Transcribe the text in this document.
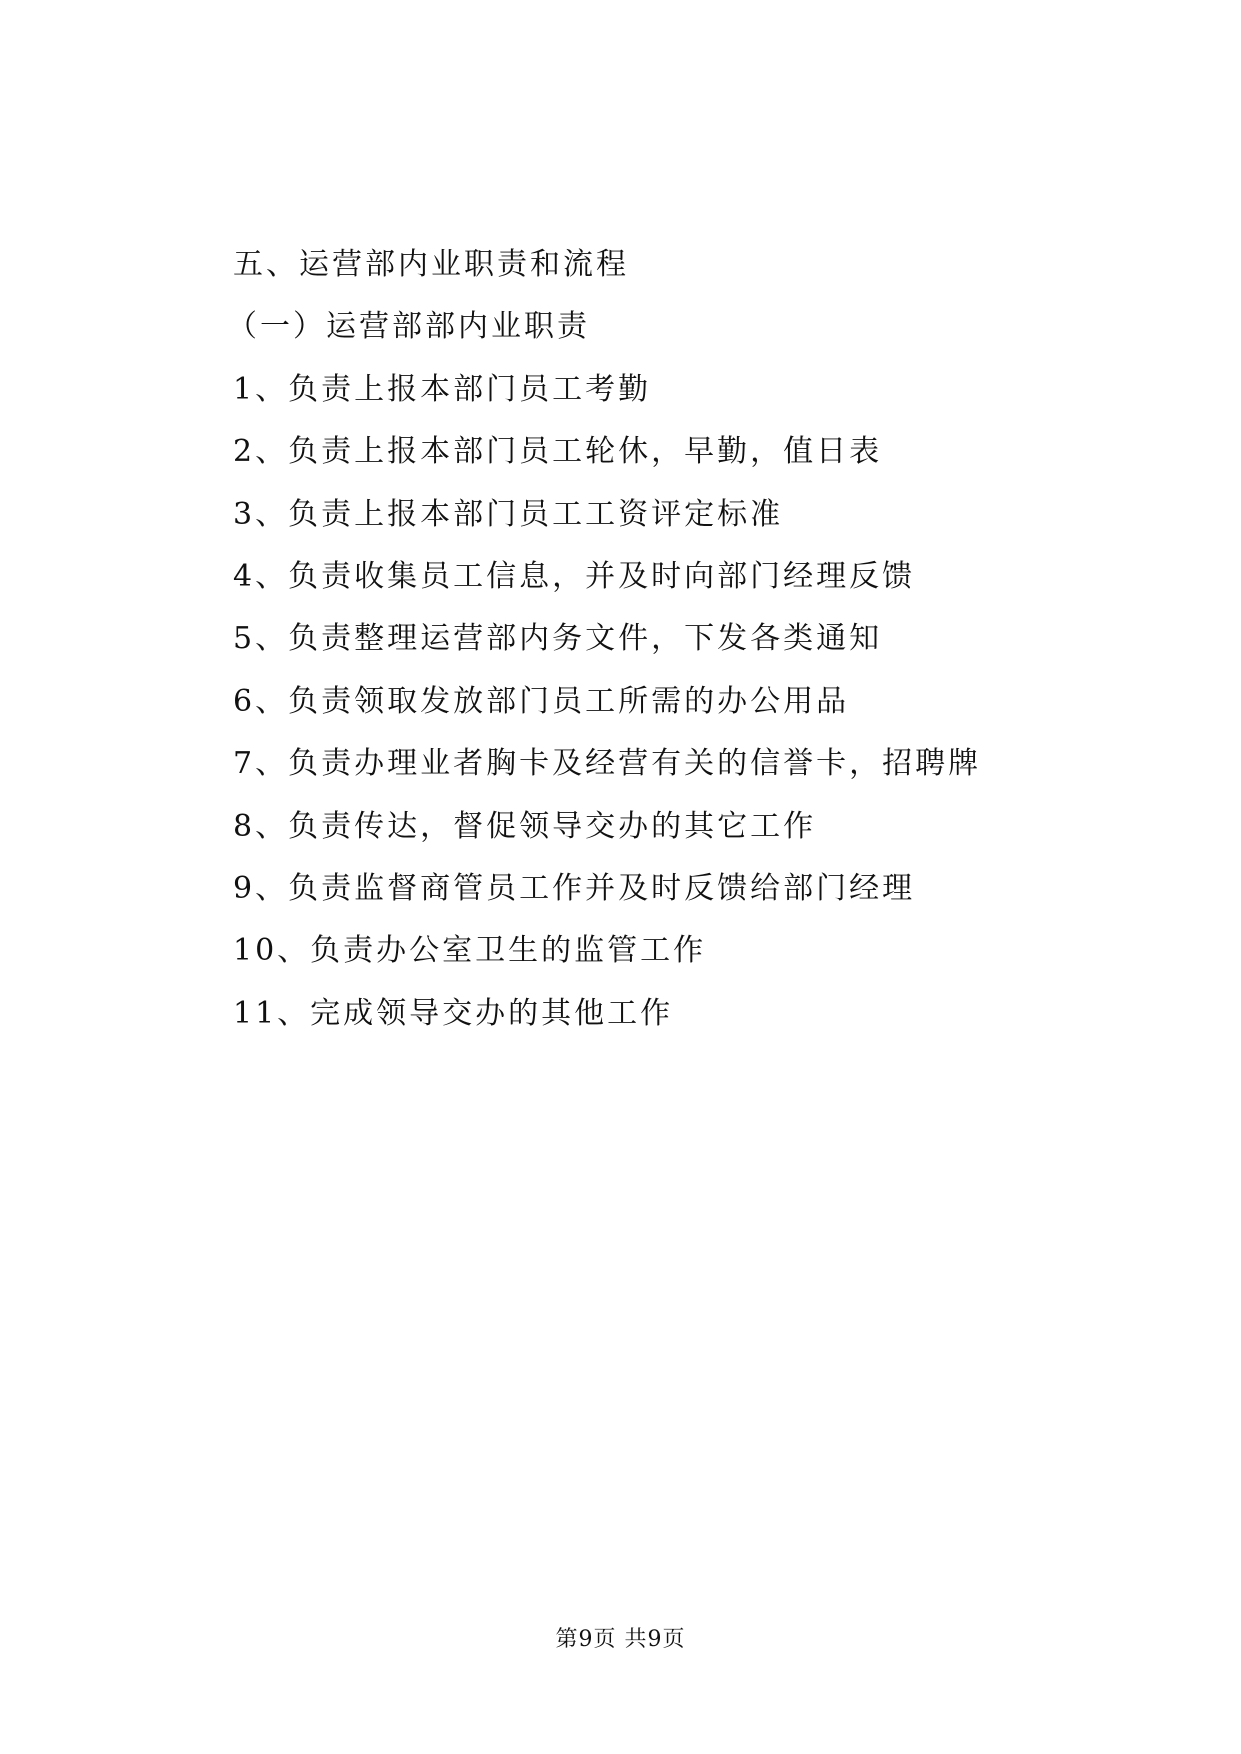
五、运营部内业职责和流程
（一）运营部部内业职责
1、负责上报本部门员工考勤
2、负责上报本部门员工轮休，早勤，值日表
3、负责上报本部门员工工资评定标准
4、负责收集员工信息，并及时向部门经理反馈
5、负责整理运营部内务文件，下发各类通知
6、负责领取发放部门员工所需的办公用品
7、负责办理业者胸卡及经营有关的信誉卡，招聘牌
8、负责传达，督促领导交办的其它工作
9、负责监督商管员工作并及时反馈给部门经理
10、负责办公室卫生的监管工作
11、完成领导交办的其他工作
第9页 共9页
